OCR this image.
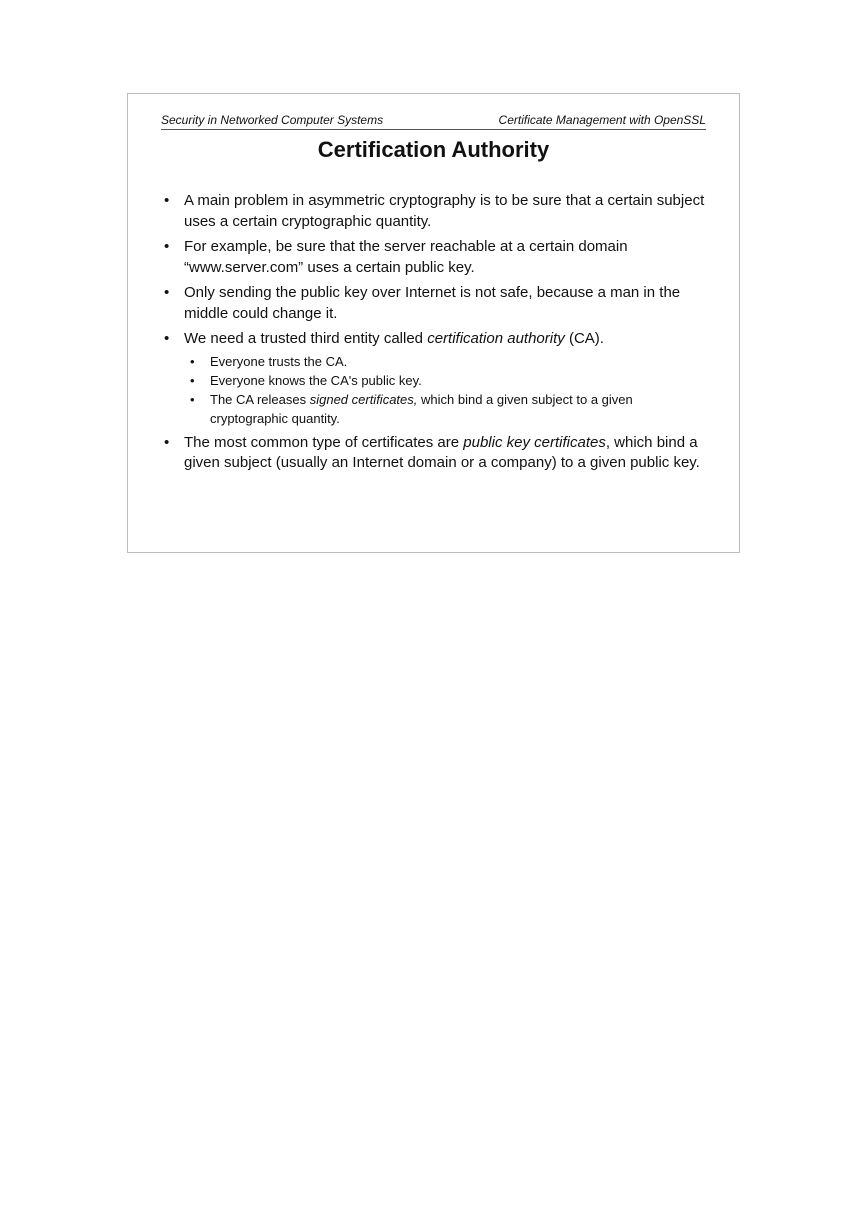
Security in Networked Computer Systems	Certificate Management with OpenSSL
Certification Authority
• A main problem in asymmetric cryptography is to be sure that a certain subject uses a certain cryptographic quantity.
• For example, be sure that the server reachable at a certain domain “www.server.com” uses a certain public key.
• Only sending the public key over Internet is not safe, because a man in the middle could change it.
• We need a trusted third entity called certification authority (CA).
• Everyone trusts the CA.
• Everyone knows the CA's public key.
• The CA releases signed certificates, which bind a given subject to a given cryptographic quantity.
• The most common type of certificates are public key certificates, which bind a given subject (usually an Internet domain or a company) to a given public key.
